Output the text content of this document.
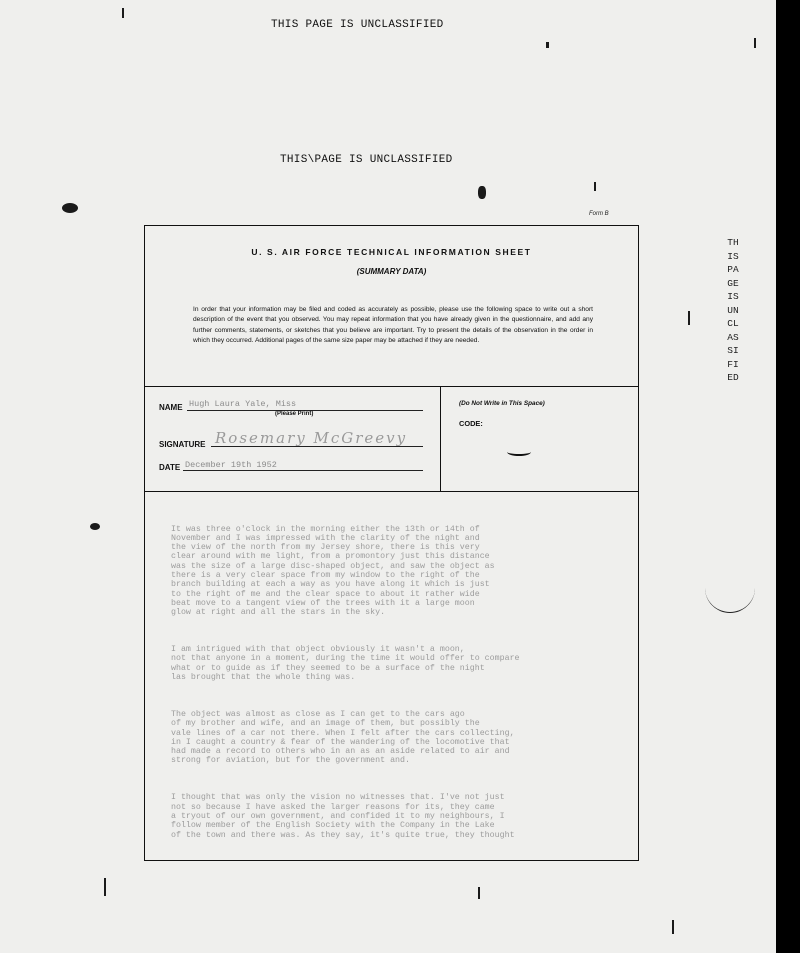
THIS PAGE IS UNCLASSIFIED
THIS\PAGE IS UNCLASSIFIED
Form B
U. S. AIR FORCE TECHNICAL INFORMATION SHEET
(SUMMARY DATA)
In order that your information may be filed and coded as accurately as possible, please use the following space to write out a short description of the event that you observed. You may repeat information that you have already given in the questionnaire, and add any further comments, statements, or sketches that you believe are important. Try to present the details of the observation in the order in which they occurred. Additional pages of the same size paper may be attached if they are needed.
NAME Hugh Laura Yale, Miss
(Please Print)
SIGNATURE Rosemary McGreevy
DATE December 19th 1952
(Do Not Write in This Space)
CODE:

It was three o'clock in the morning either the 13th or 14th of
November and I was impressed with the clarity of the night and
the view of the north from my Jersey shore, there is this very
clear around with me light, from a promontory just this distance
was the size of a large disc-shaped object, and saw the object as
there is a very clear space from my window to the right of the
branch building at each a way as you have along it which is just
to the right of me and the clear space to about it rather wide
beat move to a tangent view of the trees with it a large moon
glow at right and all the stars in the sky.

I am intrigued with that object obviously it wasn't a moon,
not that anyone in a moment, during the time it would offer to compare
what or to guide as if they seemed to be a surface of the night
las brought that the whole thing was.

The object was almost as close as I can get to the cars ago
of my brother and wife, and an image of them, but possibly the
vale lines of a car not there. When I felt after the cars collecting,
in I caught a country & fear of the wandering of the locomotive that
had made a record to others who in an as an aside related to air and
strong for aviation, but for the government and.

I thought that was only the vision no witnesses that. I've not just
not so because I have asked the larger reasons for its, they came
a tryout of our own government, and confided it to my neighbours, I
follow member of the English Society with the Company in the Lake
of the town and there was. As they say, it's quite true, they thought

THIS PAGE IS UNCLASSIFIED
